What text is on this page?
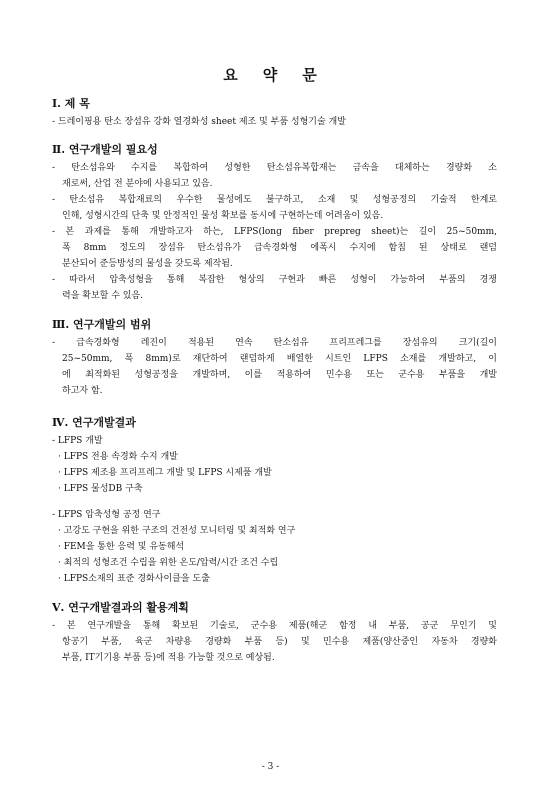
요 약 문

Ⅰ. 제 목

- 드레이핑용 탄소 장섬유 강화 열경화성 sheet 제조 및 부품 성형기술 개발

Ⅱ. 연구개발의 필요성

- 탄소섬유와 수지를 복합하여 성형한 탄소섬유복합재는 금속을 대체하는 경량화 소

재로써, 산업 전 분야에 사용되고 있음.

- 탄소섬유 복합재료의 우수한 물성에도 불구하고, 소재 및 성형공정의 기술적 한계로

인해, 성형시간의 단축 및 안정적인 물성 확보를 동시에 구현하는데 어려움이 있음.

- 본 과제를 통해 개발하고자 하는, LFPS(long fiber prepreg sheet)는 길이 25~50mm,

폭 8mm 정도의 장섬유 탄소섬유가 급속경화형 에폭시 수지에 함침 된 상태로 랜덤

분산되어 준등방성의 물성을 갖도록 제작됨.

- 따라서 압축성형을 통해 복잡한 형상의 구현과 빠른 성형이 가능하여 부품의 경쟁

력을 확보할 수 있음.

Ⅲ. 연구개발의 범위

- 급속경화형 레진이 적용된 연속 탄소섬유 프리프레그를 장섬유의 크기(길이

25~50mm, 폭 8mm)로 재단하여 랜덤하게 배열한 시트인 LFPS 소재를 개발하고, 이

에 최적화된 성형공정을 개발하며, 이를 적용하여 민수용 또는 군수용 부품을 개발

하고자 함.

Ⅳ. 연구개발결과

- LFPS 개발

· LFPS 전용 속경화 수지 개발

· LFPS 제조용 프리프레그 개발 및 LFPS 시제품 개발

· LFPS 물성DB 구축

- LFPS 압축성형 공정 연구

· 고강도 구현을 위한 구조의 건전성 모니터링 및 최적화 연구

· FEM을 통한 응력 및 유동해석

· 최적의 성형조건 수립을 위한 온도/압력/시간 조건 수립

· LFPS소재의 표준 경화사이클을 도출

Ⅴ. 연구개발결과의 활용계획

- 본 연구개발을 통해 확보된 기술로, 군수용 제품(해군 함정 내 부품, 공군 무인기 및

항공기 부품, 육군 차량용 경량화 부품 등) 및 민수용 제품(양산중인 자동차 경량화

부품, IT기기용 부품 등)에 적용 가능할 것으로 예상됨.

- 3 -
